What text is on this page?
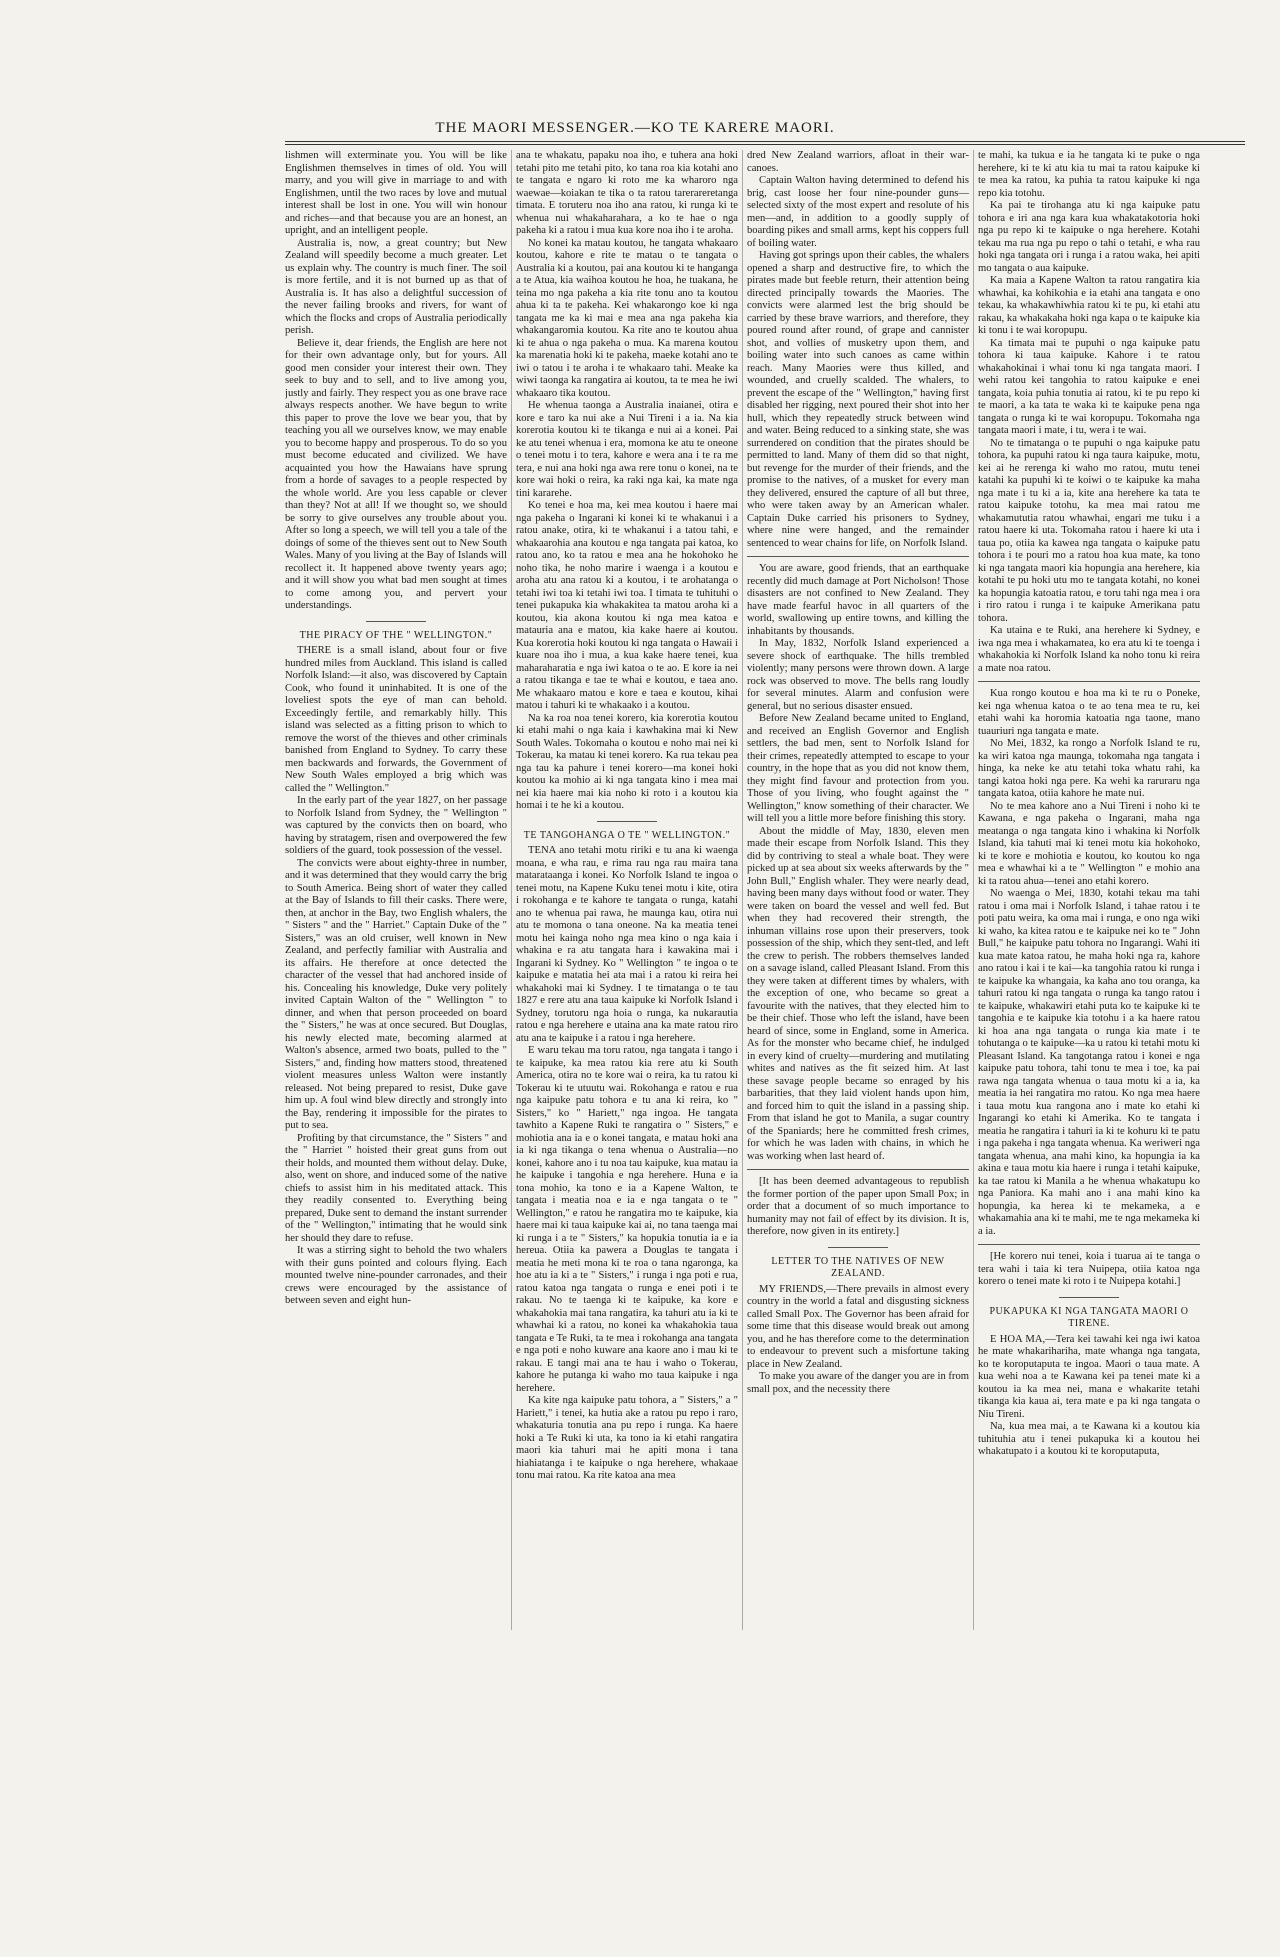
THE MAORI MESSENGER.—KO TE KARERE MAORI.

lishmen will exterminate you. You will be like Englishmen themselves in times of old. You will marry, and you will give in marriage to and with Englishmen, until the two races by love and mutual interest shall be lost in one. You will win honour and riches—and that because you are an honest, an upright, and an intelligent people.

Australia is, now, a great country; but New Zealand will speedily become a much greater. Let us explain why. The country is much finer. The soil is more fertile, and it is not burned up as that of Australia is. It has also a delightful succession of the never failing brooks and rivers, for want of which the flocks and crops of Australia periodically perish.

Believe it, dear friends, the English are here not for their own advantage only, but for yours. All good men consider your interest their own. They seek to buy and to sell, and to live among you, justly and fairly. They respect you as one brave race always respects another. We have begun to write this paper to prove the love we bear you, that by teaching you all we ourselves know, we may enable you to become happy and prosperous. To do so you must become educated and civilized. We have acquainted you how the Hawaians have sprung from a horde of savages to a people respected by the whole world. Are you less capable or clever than they? Not at all! If we thought so, we should be sorry to give ourselves any trouble about you. After so long a speech, we will tell you a tale of the doings of some of the thieves sent out to New South Wales. Many of you living at the Bay of Islands will recollect it. It happened above twenty years ago; and it will show you what bad men sought at times to come among you, and pervert your understandings.

THE PIRACY OF THE " WELLINGTON."

THERE is a small island, about four or five hundred miles from Auckland. This island is called Norfolk Island:—it also, was discovered by Captain Cook, who found it uninhabited. It is one of the loveliest spots the eye of man can behold. Exceedingly fertile, and remarkably hilly. This island was selected as a fitting prison to which to remove the worst of the thieves and other criminals banished from England to Sydney. To carry these men backwards and forwards, the Government of New South Wales employed a brig which was called the " Wellington."

In the early part of the year 1827, on her passage to Norfolk Island from Sydney, the " Wellington " was captured by the convicts then on board, who having by stratagem, risen and overpowered the few soldiers of the guard, took possession of the vessel.

The convicts were about eighty-three in number, and it was determined that they would carry the brig to South America. Being short of water they called at the Bay of Islands to fill their casks. There were, then, at anchor in the Bay, two English whalers, the " Sisters " and the " Harriet." Captain Duke of the " Sisters," was an old cruiser, well known in New Zealand, and perfectly familiar with Australia and its affairs. He therefore at once detected the character of the vessel that had anchored inside of his. Concealing his knowledge, Duke very politely invited Captain Walton of the " Wellington " to dinner, and when that person proceeded on board the " Sisters," he was at once secured. But Douglas, his newly elected mate, becoming alarmed at Walton's absence, armed two boats, pulled to the " Sisters," and, finding how matters stood, threatened violent measures unless Walton were instantly released. Not being prepared to resist, Duke gave him up. A foul wind blew directly and strongly into the Bay, rendering it impossible for the pirates to put to sea.

Profiting by that circumstance, the " Sisters " and the " Harriet " hoisted their great guns from out their holds, and mounted them without delay. Duke, also, went on shore, and induced some of the native chiefs to assist him in his meditated attack. This they readily consented to. Everything being prepared, Duke sent to demand the instant surrender of the " Wellington," intimating that he would sink her should they dare to refuse.

It was a stirring sight to behold the two whalers with their guns pointed and colours flying. Each mounted twelve nine-pounder carronades, and their crews were encouraged by the assistance of between seven and eight hun-

ana te whakatu, papaku noa iho, e tuhera ana hoki tetahi pito me tetahi pito, ko tana roa kia kotahi ano te tangata e ngaro ki roto me ka wharoro nga waewae—koiakan te tika o ta ratou tarerareretanga timata. E toruteru noa iho ana ratou, ki runga ki te whenua nui whakaharahara, a ko te hae o nga pakeha ki a ratou i mua kua kore noa iho i te aroha.

No konei ka matau koutou, he tangata whakaaro koutou, kahore e rite te matau o te tangata o Australia ki a koutou, pai ana koutou ki te hanganga a te Atua, kia waihoa koutou he hoa, he tuakana, he teina mo nga pakeha a kia rite tonu ano ta koutou ahua ki ta te pakeha. Kei whakarongo koe ki nga tangata me ka ki mai e mea ana nga pakeha kia whakangaromia koutou. Ka rite ano te koutou ahua ki te ahua o nga pakeha o mua. Ka marena koutou ka marenatia hoki ki te pakeha, maeke kotahi ano te iwi o tatou i te aroha i te whakaaro tahi. Meake ka wiwi taonga ka rangatira ai koutou, ta te mea he iwi whakaaro tika koutou.

He whenua taonga a Australia inaianei, otira e kore e taro ka nui ake a Nui Tireni i a ia. Na kia korerotia koutou ki te tikanga e nui ai a konei. Pai ke atu tenei whenua i era, momona ke atu te oneone o tenei motu i to tera, kahore e wera ana i te ra me tera, e nui ana hoki nga awa rere tonu o konei, na te kore wai hoki o reira, ka raki nga kai, ka mate nga tini kararehe.

Ko tenei e hoa ma, kei mea koutou i haere mai nga pakeha o Ingarani ki konei ki te whakanui i a ratou anake, otira, ki te whakanui i a tatou tahi, e whakaarohia ana koutou e nga tangata pai katoa, ko ratou ano, ko ta ratou e mea ana he hokohoko he noho tika, he noho marire i waenga i a koutou e aroha atu ana ratou ki a koutou, i te arohatanga o tetahi iwi toa ki tetahi iwi toa. I timata te tuhituhi o tenei pukapuka kia whakakitea ta matou aroha ki a koutou, kia akona koutou ki nga mea katoa e matauria ana e matou, kia kake haere ai koutou. Kua korerotia hoki koutou ki nga tangata o Hawaii i kuare noa iho i mua, a kua kake haere tenei, kua maharaharatia e nga iwi katoa o te ao. E kore ia nei a ratou tikanga e tae te whai e koutou, e taea ano. Me whakaaro matou e kore e taea e koutou, kihai matou i tahuri ki te whakaako i a koutou.

Na ka roa noa tenei korero, kia korerotia koutou ki etahi mahi o nga kaia i kawhakina mai ki New South Wales. Tokomaha o koutou e noho mai nei ki Tokerau, ka matau ki tenei korero. Ka rua tekau pea nga tau ka pahure i tenei korero—ma konei hoki koutou ka mohio ai ki nga tangata kino i mea mai nei kia haere mai kia noho ki roto i a koutou kia homai i te he ki a koutou.

TE TANGOHANGA O TE " WELLINGTON."

TENA ano tetahi motu ririki e tu ana ki waenga moana, e wha rau, e rima rau nga rau maira tana matarataanga i konei. Ko Norfolk Island te ingoa o tenei motu, na Kapene Kuku tenei motu i kite, otira i rokohanga e te kahore te tangata o runga, katahi ano te whenua pai rawa, he maunga kau, otira nui atu te momona o tana oneone. Na ka meatia tenei motu hei kainga noho nga mea kino o nga kaia i whakina e ra atu tangata hara i kawakina mai i Ingarani ki Sydney. Ko " Wellington " te ingoa o te kaipuke e matatia hei ata mai i a ratou ki reira hei whakahoki mai ki Sydney. I te timatanga o te tau 1827 e rere atu ana taua kaipuke ki Norfolk Island i Sydney, torutoru nga hoia o runga, ka nukarautia ratou e nga herehere e utaina ana ka mate ratou riro atu ana te kaipuke i a ratou i nga herehere.

E waru tekau ma toru ratou, nga tangata i tango i te kaipuke, ka mea ratou kia rere atu ki South America, otira no te kore wai o reira, ka tu ratou ki Tokerau ki te utuutu wai. Rokohanga e ratou e rua nga kaipuke patu tohora e tu ana ki reira, ko " Sisters," ko " Hariett," nga ingoa. He tangata tawhito a Kapene Ruki te rangatira o " Sisters," e mohiotia ana ia e o konei tangata, e matau hoki ana ia ki nga tikanga o tena whenua o Australia—no konei, kahore ano i tu noa tau kaipuke, kua matau ia he kaipuke i tangohia e nga herehere. Huna e ia tona mohio, ka tono e ia a Kapene Walton, te tangata i meatia noa e ia e nga tangata o te " Wellington," e ratou he rangatira mo te kaipuke, kia haere mai ki taua kaipuke kai ai, no tana taenga mai ki runga i a te " Sisters," ka hopukia tonutia ia e ia hereua. Otiia ka pawera a Douglas te tangata i meatia he meti mona ki te roa o tana ngaronga, ka hoe atu ia ki a te " Sisters," i runga i nga poti e rua, ratou katoa nga tangata o runga e enei poti i te rakau. No te taenga ki te kaipuke, ka kore e whakahokia mai tana rangatira, ka tahuri atu ia ki te whawhai ki a ratou, no konei ka whakahokia taua tangata e Te Ruki, ta te mea i rokohanga ana tangata e nga poti e noho kuware ana kaore ano i mau ki te rakau. E tangi mai ana te hau i waho o Tokerau, kahore he putanga ki waho mo taua kaipuke i nga herehere.

Ka kite nga kaipuke patu tohora, a " Sisters," a " Hariett," i tenei, ka hutia ake a ratou pu repo i raro, whakaturia tonutia ana pu repo i runga. Ka haere hoki a Te Ruki ki uta, ka tono ia ki etahi rangatira maori kia tahuri mai he apiti mona i tana hiahiatanga i te kaipuke o nga herehere, whakaae tonu mai ratou. Ka rite katoa ana mea

dred New Zealand warriors, afloat in their war-canoes.

Captain Walton having determined to defend his brig, cast loose her four nine-pounder guns—selected sixty of the most expert and resolute of his men—and, in addition to a goodly supply of boarding pikes and small arms, kept his coppers full of boiling water.

Having got springs upon their cables, the whalers opened a sharp and destructive fire, to which the pirates made but feeble return, their attention being directed principally towards the Maories. The convicts were alarmed lest the brig should be carried by these brave warriors, and therefore, they poured round after round, of grape and cannister shot, and vollies of musketry upon them, and boiling water into such canoes as came within reach. Many Maories were thus killed, and wounded, and cruelly scalded. The whalers, to prevent the escape of the " Wellington," having first disabled her rigging, next poured their shot into her hull, which they repeatedly struck between wind and water. Being reduced to a sinking state, she was surrendered on condition that the pirates should be permitted to land. Many of them did so that night, but revenge for the murder of their friends, and the promise to the natives, of a musket for every man they delivered, ensured the capture of all but three, who were taken away by an American whaler. Captain Duke carried his prisoners to Sydney, where nine were hanged, and the remainder sentenced to wear chains for life, on Norfolk Island.

You are aware, good friends, that an earthquake recently did much damage at Port Nicholson! Those disasters are not confined to New Zealand. They have made fearful havoc in all quarters of the world, swallowing up entire towns, and killing the inhabitants by thousands.

In May, 1832, Norfolk Island experienced a severe shock of earthquake. The hills trembled violently; many persons were thrown down. A large rock was observed to move. The bells rang loudly for several minutes. Alarm and confusion were general, but no serious disaster ensued.

Before New Zealand became united to England, and received an English Governor and English settlers, the bad men, sent to Norfolk Island for their crimes, repeatedly attempted to escape to your country, in the hope that as you did not know them, they might find favour and protection from you. Those of you living, who fought against the " Wellington," know something of their character. We will tell you a little more before finishing this story.

About the middle of May, 1830, eleven men made their escape from Norfolk Island. This they did by contriving to steal a whale boat. They were picked up at sea about six weeks afterwards by the " John Bull," English whaler. They were nearly dead, having been many days without food or water. They were taken on board the vessel and well fed. But when they had recovered their strength, the inhuman villains rose upon their preservers, took possession of the ship, which they sent-tled, and left the crew to perish. The robbers themselves landed on a savage island, called Pleasant Island. From this they were taken at different times by whalers, with the exception of one, who became so great a favourite with the natives, that they elected him to be their chief. Those who left the island, have been heard of since, some in England, some in America. As for the monster who became chief, he indulged in every kind of cruelty—murdering and mutilating whites and natives as the fit seized him. At last these savage people became so enraged by his barbarities, that they laid violent hands upon him, and forced him to quit the island in a passing ship. From that island he got to Manila, a sugar country of the Spaniards; here he committed fresh crimes, for which he was laden with chains, in which he was working when last heard of.

[It has been deemed advantageous to republish the former portion of the paper upon Small Pox; in order that a document of so much importance to humanity may not fail of effect by its division. It is, therefore, now given in its entirety.]

LETTER TO THE NATIVES OF NEW ZEALAND.

MY FRIENDS,—There prevails in almost every country in the world a fatal and disgusting sickness called Small Pox. The Governor has been afraid for some time that this disease would break out among you, and he has therefore come to the determination to endeavour to prevent such a misfortune taking place in New Zealand.

To make you aware of the danger you are in from small pox, and the necessity there

te mahi, ka tukua e ia he tangata ki te puke o nga herehere, ki te ki atu kia tu mai ta ratou kaipuke ki te mea ka ratou, ka puhia ta ratou kaipuke ki nga repo kia totohu.

Ka pai te tirohanga atu ki nga kaipuke patu tohora e iri ana nga kara kua whakatakotoria hoki nga pu repo ki te kaipuke o nga herehere. Kotahi tekau ma rua nga pu repo o tahi o tetahi, e wha rau hoki nga tangata ori i runga i a ratou waka, hei apiti mo tangata o aua kaipuke.

Ka maia a Kapene Walton ta ratou rangatira kia whawhai, ka kohikohia e ia etahi ana tangata e ono tekau, ka whakawhiwhia ratou ki te pu, ki etahi atu rakau, ka whakakaha hoki nga kapa o te kaipuke kia ki tonu i te wai koropupu.

Ka timata mai te pupuhi o nga kaipuke patu tohora ki taua kaipuke. Kahore i te ratou whakahokinai i whai tonu ki nga tangata maori. I wehi ratou kei tangohia to ratou kaipuke e enei tangata, koia puhia tonutia ai ratou, ki te pu repo ki te maori, a ka tata te waka ki te kaipuke pena nga tangata o runga ki te wai koropupu. Tokomaha nga tangata maori i mate, i tu, wera i te wai.

No te timatanga o te pupuhi o nga kaipuke patu tohora, ka pupuhi ratou ki nga taura kaipuke, motu, kei ai he rerenga ki waho mo ratou, mutu tenei katahi ka pupuhi ki te koiwi o te kaipuke ka maha nga mate i tu ki a ia, kite ana herehere ka tata te ratou kaipuke totohu, ka mea mai ratou me whakamututia ratou whawhai, engari me tuku i a ratou haere ki uta. Tokomaha ratou i haere ki uta i taua po, otiia ka kawea nga tangata o kaipuke patu tohora i te pouri mo a ratou hoa kua mate, ka tono ki nga tangata maori kia hopungia ana herehere, kia kotahi te pu hoki utu mo te tangata kotahi, no konei ka hopungia katoatia ratou, e toru tahi nga mea i ora i riro ratou i runga i te kaipuke Amerikana patu tohora.

Ka utaina e te Ruki, ana herehere ki Sydney, e iwa nga mea i whakamatea, ko era atu ki te toenga i whakahokia ki Norfolk Island ka noho tonu ki reira a mate noa ratou.

Kua rongo koutou e hoa ma ki te ru o Poneke, kei nga whenua katoa o te ao tena mea te ru, kei etahi wahi ka horomia katoatia nga taone, mano tuauriuri nga tangata e mate.

No Mei, 1832, ka rongo a Norfolk Island te ru, ka wiri katoa nga maunga, tokomaha nga tangata i hinga, ka neke ke atu tetahi toka whatu rahi, ka tangi katoa hoki nga pere. Ka wehi ka raruraru nga tangata katoa, otiia kahore he mate nui.

No te mea kahore ano a Nui Tireni i noho ki te Kawana, e nga pakeha o Ingarani, maha nga meatanga o nga tangata kino i whakina ki Norfolk Island, kia tahuti mai ki tenei motu kia hokohoko, ki te kore e mohiotia e koutou, ko koutou ko nga mea e whawhai ki a te " Wellington " e mohio ana ki ta ratou ahua—tenei ano etahi korero.

No waenga o Mei, 1830, kotahi tekau ma tahi ratou i oma mai i Norfolk Island, i tahae ratou i te poti patu weira, ka oma mai i runga, e ono nga wiki ki waho, ka kitea ratou e te kaipuke nei ko te " John Bull," he kaipuke patu tohora no Ingarangi. Wahi iti kua mate katoa ratou, he maha hoki nga ra, kahore ano ratou i kai i te kai—ka tangohia ratou ki runga i te kaipuke ka whangaia, ka kaha ano tou oranga, ka tahuri ratou ki nga tangata o runga ka tango ratou i te kaipuke, whakawiri etahi puta ko te kaipuke ki te tangohia e te kaipuke kia totohu i a ka haere ratou ki hoa ana nga tangata o runga kia mate i te tohutanga o te kaipuke—ka u ratou ki tetahi motu ki Pleasant Island. Ka tangotanga ratou i konei e nga kaipuke patu tohora, tahi tonu te mea i toe, ka pai rawa nga tangata whenua o taua motu ki a ia, ka meatia ia hei rangatira mo ratou. Ko nga mea haere i taua motu kua rangona ano i mate ko etahi ki Ingarangi ko etahi ki Amerika. Ko te tangata i meatia he rangatira i tahuri ia ki te kohuru ki te patu i nga pakeha i nga tangata whenua. Ka weriweri nga tangata whenua, ana mahi kino, ka hopungia ia ka akina e taua motu kia haere i runga i tetahi kaipuke, ka tae ratou ki Manila a he whenua whakatupu ko nga Paniora. Ka mahi ano i ana mahi kino ka hopungia, ka herea ki te mekameka, a e whakamahia ana ki te mahi, me te nga mekameka ki a ia.

[He korero nui tenei, koia i tuarua ai te tanga o tera wahi i taia ki tera Nuipepa, otiia katoa nga korero o tenei mate ki roto i te Nuipepa kotahi.]

PUKAPUKA KI NGA TANGATA MAORI O TIRENE.

E HOA MA,—Tera kei tawahi kei nga iwi katoa he mate whakarihariha, mate whanga nga tangata, ko te koroputaputa te ingoa. Maori o taua mate. A kua wehi noa a te Kawana kei pa tenei mate ki a koutou ia ka mea nei, mana e whakarite tetahi tikanga kia kaua ai, tera mate e pa ki nga tangata o Niu Tireni.

Na, kua mea mai, a te Kawana ki a koutou kia tuhituhia atu i tenei pukapuka ki a koutou hei whakatupato i a koutou ki te koroputaputa,
